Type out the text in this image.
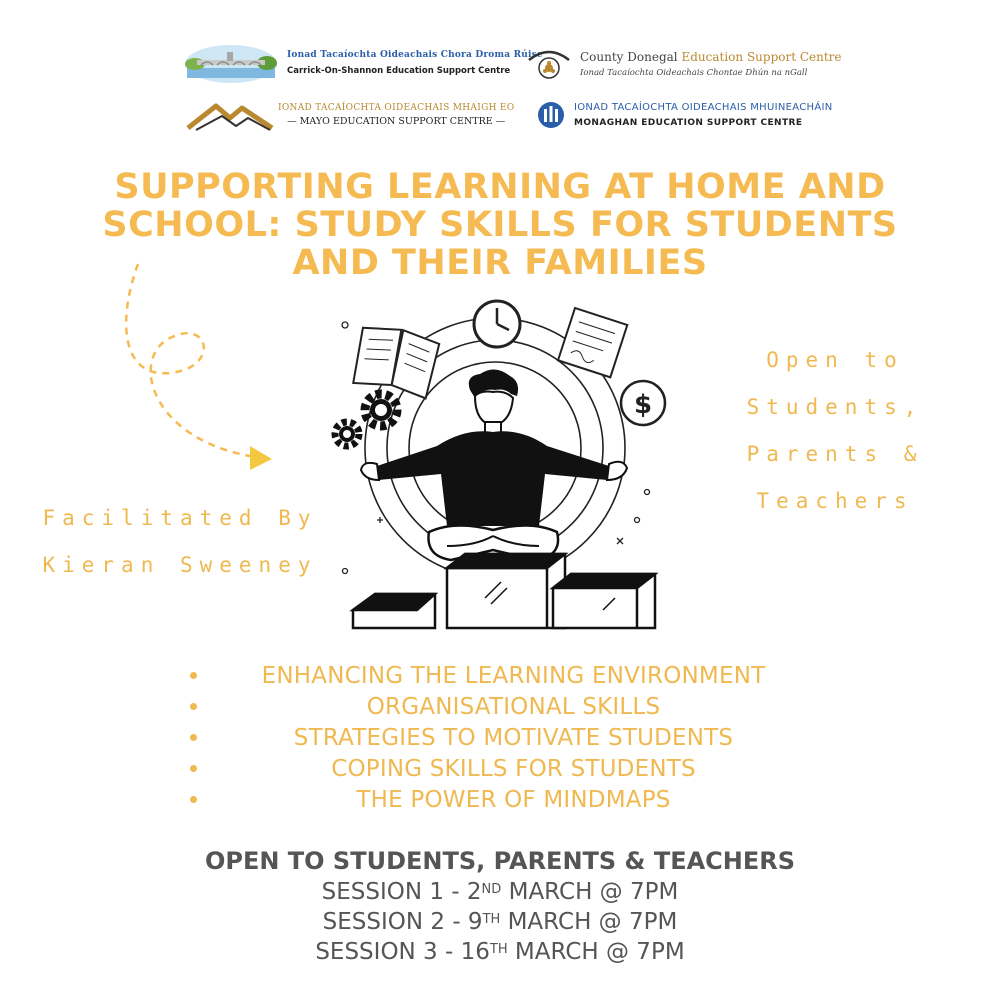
Ionad Tacaíochta Oideachais Chora Droma Rúisc
Carrick-On-Shannon Education Support Centre
County Donegal Education Support Centre
Ionad Tacaíochta Oideachais Chontae Dhún na nGall
IONAD TACAÍOCHTA OIDEACHAIS MHAIGH EO
— MAYO EDUCATION SUPPORT CENTRE —
IONAD TACAÍOCHTA OIDEACHAIS MHUINEACHÁIN
MONAGHAN EDUCATION SUPPORT CENTRE
SUPPORTING LEARNING AT HOME AND
SCHOOL: STUDY SKILLS FOR STUDENTS
AND THEIR FAMILIES
Facilitated By
Kieran Sweeney
Open to
Students,
Parents &
Teachers
$
ENHANCING THE LEARNING ENVIRONMENT
ORGANISATIONAL SKILLS
STRATEGIES TO MOTIVATE STUDENTS
COPING SKILLS FOR STUDENTS
THE POWER OF MINDMAPS
OPEN TO STUDENTS, PARENTS & TEACHERS
SESSION 1 - 2ND MARCH @ 7PM
SESSION 2 - 9TH MARCH @ 7PM
SESSION 3 - 16TH MARCH @ 7PM
